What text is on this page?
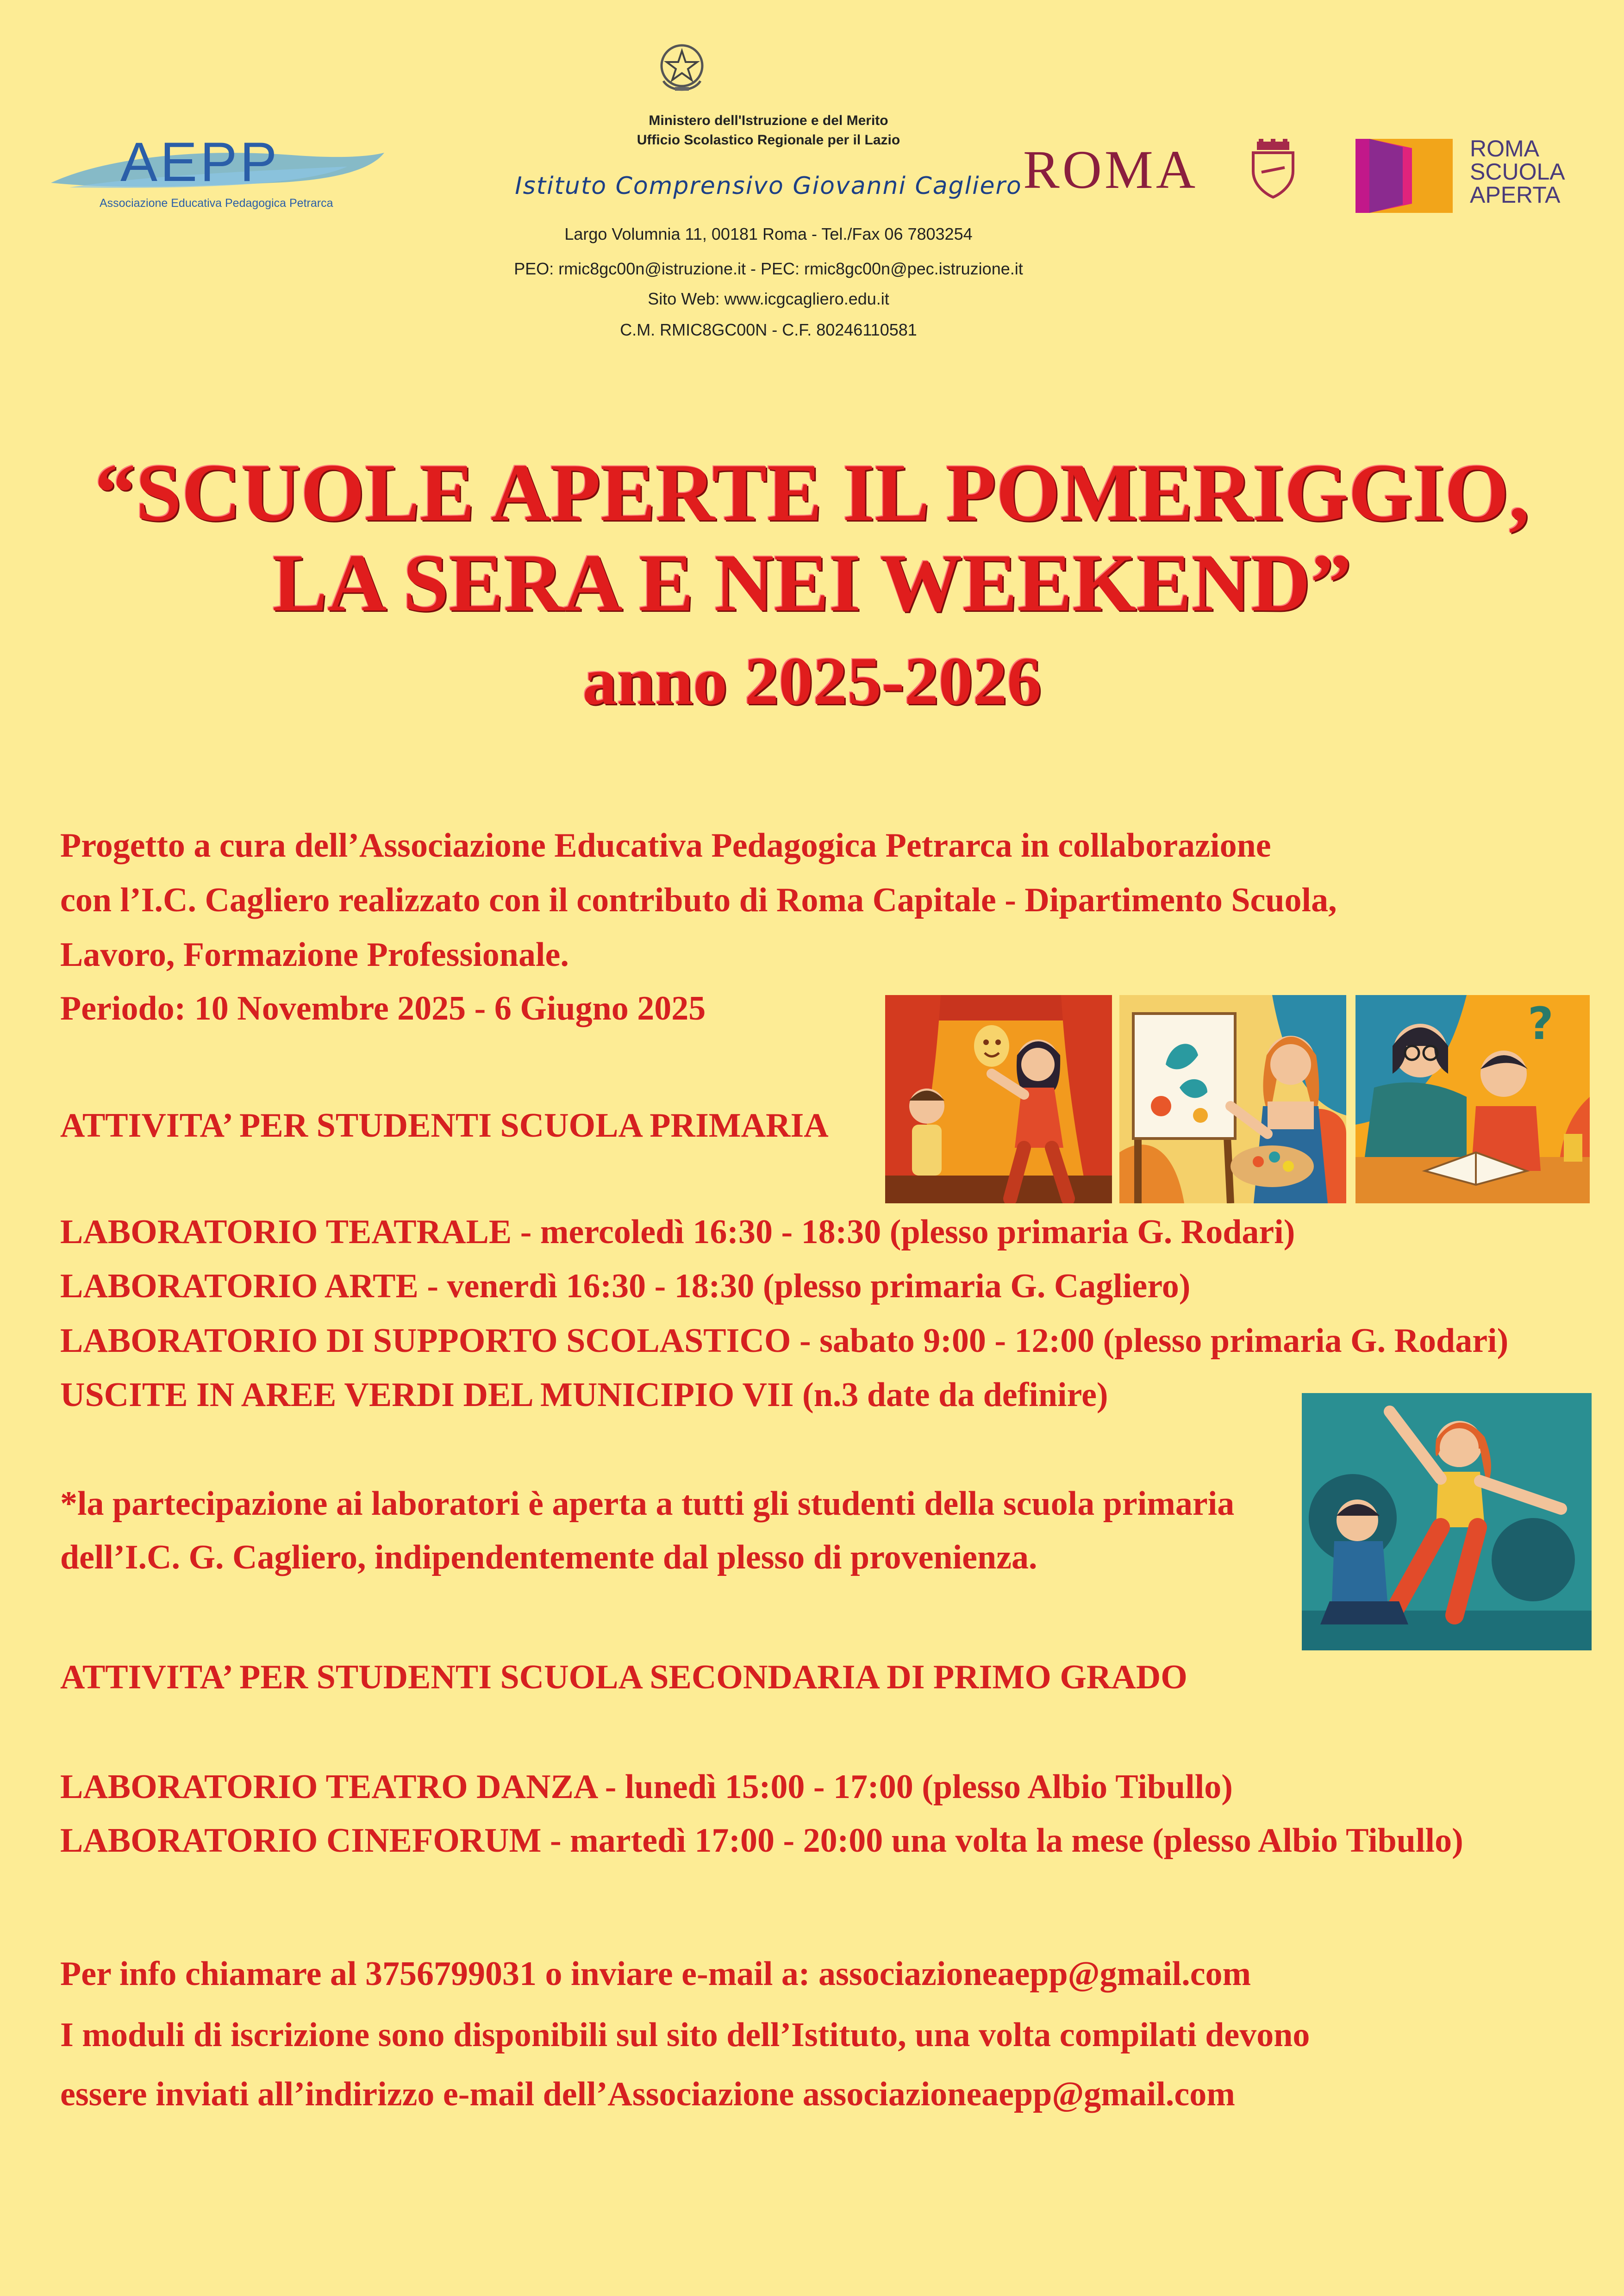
AEPP
Associazione Educativa Pedagogica Petrarca
Ministero dell'Istruzione e del Merito
Ufficio Scolastico Regionale per il Lazio
Istituto Comprensivo Giovanni Cagliero
Largo Volumnia 11, 00181 Roma - Tel./Fax 06 7803254
PEO: rmic8gc00n@istruzione.it - PEC: rmic8gc00n@pec.istruzione.it
Sito Web: www.icgcagliero.edu.it
C.M. RMIC8GC00N - C.F. 80246110581
ROMA	ROMA
SCUOLA
APERTA
“SCUOLE APERTE IL POMERIGGIO,
LA SERA E NEI WEEKEND”
anno 2025-2026
Progetto a cura dell’Associazione Educativa Pedagogica Petrarca in collaborazione
con l’I.C. Cagliero realizzato con il contributo di Roma Capitale - Dipartimento Scuola,
Lavoro, Formazione Professionale.
Periodo: 10 Novembre 2025 - 6 Giugno 2025
ATTIVITA’ PER STUDENTI SCUOLA PRIMARIA
LABORATORIO TEATRALE - mercoledì 16:30 - 18:30 (plesso primaria G. Rodari)
LABORATORIO ARTE - venerdì 16:30 - 18:30 (plesso primaria G. Cagliero)
LABORATORIO DI SUPPORTO SCOLASTICO - sabato 9:00 - 12:00 (plesso primaria G. Rodari)
USCITE IN AREE VERDI DEL MUNICIPIO VII (n.3 date da definire)
*la partecipazione ai laboratori è aperta a tutti gli studenti della scuola primaria
dell’I.C. G. Cagliero, indipendentemente dal plesso di provenienza.
ATTIVITA’ PER STUDENTI SCUOLA SECONDARIA DI PRIMO GRADO
LABORATORIO TEATRO DANZA - lunedì 15:00 - 17:00 (plesso Albio Tibullo)
LABORATORIO CINEFORUM - martedì 17:00 - 20:00 una volta la mese (plesso Albio Tibullo)
Per info chiamare al 3756799031 o inviare e-mail a: associazioneaepp@gmail.com
I moduli di iscrizione sono disponibili sul sito dell’Istituto, una volta compilati devono
essere inviati all’indirizzo e-mail dell’Associazione associazioneaepp@gmail.com
?
